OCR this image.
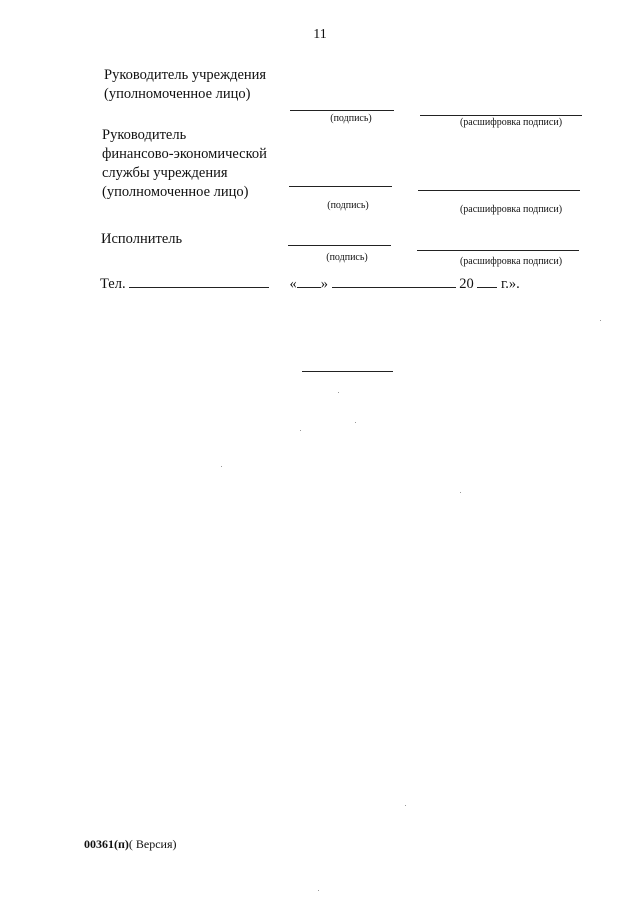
11
Руководитель учреждения
(уполномоченное лицо)
(подпись)	(расшифровка подписи)
Руководитель
финансово-экономической
службы учреждения
(уполномоченное лицо)
(подпись)	(расшифровка подписи)
Исполнитель
(подпись)	(расшифровка подписи)
Тел.	« »	20 г.».
00361(п)( Версия)
